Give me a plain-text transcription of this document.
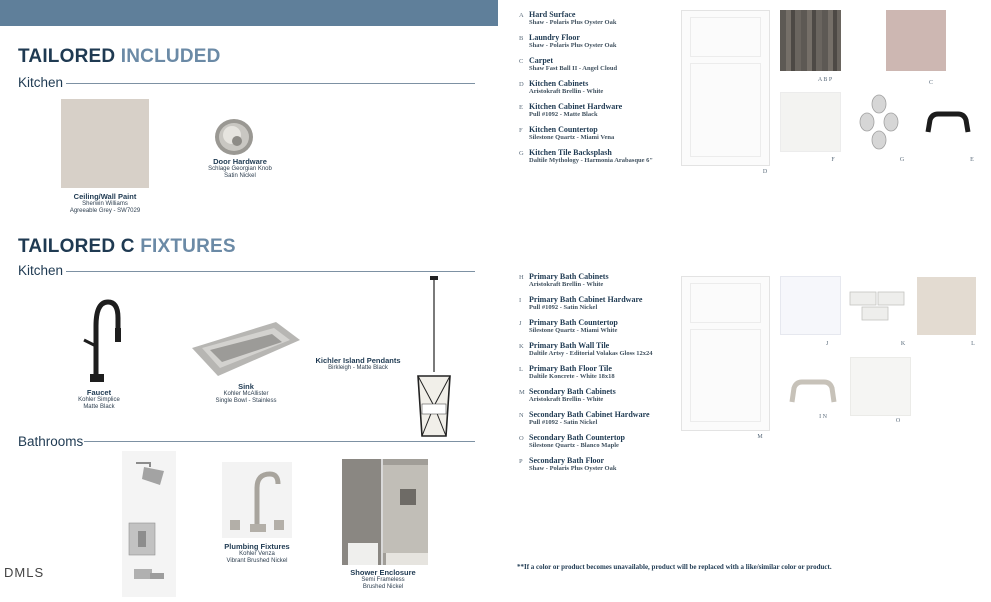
TAILORED INCLUDED
Kitchen
Ceiling/Wall Paint
Sherwin Williams
Agreeable Grey - SW7029
Door Hardware
Schlage Georgian Knob
Satin Nickel
TAILORED C FIXTURES
Kitchen
Faucet
Kohler Simplice
Matte Black
Sink
Kohler McAllister
Single Bowl - Stainless
Kichler Island Pendants
Birkleigh - Matte Black
Bathrooms
Plumbing Fixtures
Kohler Venza
Vibrant Brushed Nickel
Shower Enclosure
Semi Frameless
Brushed Nickel
DMLS
A Hard Surface
Shaw - Polaris Plus Oyster Oak
B Laundry Floor
Shaw - Polaris Plus Oyster Oak
C Carpet
Shaw Fast Ball II - Angel Cloud
D Kitchen Cabinets
Aristokraft Brellin - White
E Kitchen Cabinet Hardware
Pull #1092 - Matte Black
F Kitchen Countertop
Silestone Quartz - Miami Vena
G Kitchen Tile Backsplash
Daltile Mythology - Harmonia Arabasque 6"
H Primary Bath Cabinets
Aristokraft Brellin - White
I Primary Bath Cabinet Hardware
Pull #1092 - Satin Nickel
J Primary Bath Countertop
Silestone Quartz - Miami White
K Primary Bath Wall Tile
Daltile Artsy - Editorial Volakas Gloss 12x24
L Primary Bath Floor Tile
Daltile Koncrete - White 18x18
M Secondary Bath Cabinets
Aristokraft Brellin - White
N Secondary Bath Cabinet Hardware
Pull #1092 - Satin Nickel
O Secondary Bath Countertop
Silestone Quartz - Blanco Maple
P Secondary Bath Floor
Shaw - Polaris Plus Oyster Oak
D
A B P	C
F	G	E
M
J	K	L
I N
O
**If a color or product becomes unavailable, product will be replaced with a like/similar color or product.
